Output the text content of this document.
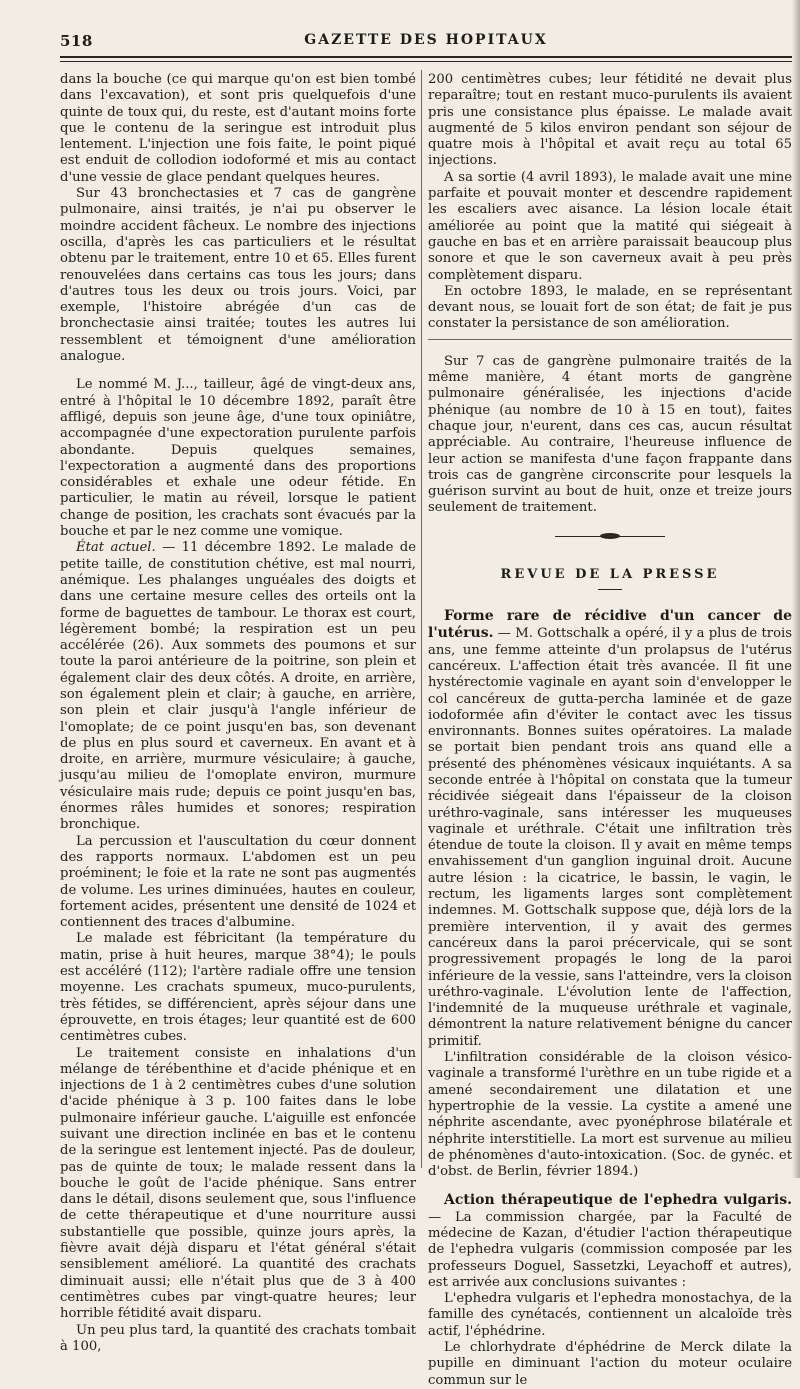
518	GAZETTE DES HOPITAUX

dans la bouche (ce qui marque qu'on est bien tombé dans l'excavation), et sont pris quelquefois d'une quinte de toux qui, du reste, est d'autant moins forte que le contenu de la seringue est introduit plus lentement. L'injection une fois faite, le point piqué est enduit de collodion iodoformé et mis au contact d'une vessie de glace pendant quelques heures.

Sur 43 bronchectasies et 7 cas de gangrène pulmonaire, ainsi traités, je n'ai pu observer le moindre accident fâcheux. Le nombre des injections oscilla, d'après les cas particuliers et le résultat obtenu par le traitement, entre 10 et 65. Elles furent renouvelées dans certains cas tous les jours; dans d'autres tous les deux ou trois jours. Voici, par exemple, l'histoire abrégée d'un cas de bronchectasie ainsi traitée; toutes les autres lui ressemblent et témoignent d'une amélioration analogue.

Le nommé M. J..., tailleur, âgé de vingt-deux ans, entré à l'hôpital le 10 décembre 1892, paraît être affligé, depuis son jeune âge, d'une toux opiniâtre, accompagnée d'une expectoration purulente parfois abondante. Depuis quelques semaines, l'expectoration a augmenté dans des proportions considérables et exhale une odeur fétide. En particulier, le matin au réveil, lorsque le patient change de position, les crachats sont évacués par la bouche et par le nez comme une vomique.

État actuel. — 11 décembre 1892. Le malade de petite taille, de constitution chétive, est mal nourri, anémique. Les phalanges unguéales des doigts et dans une certaine mesure celles des orteils ont la forme de baguettes de tambour. Le thorax est court, légèrement bombé; la respiration est un peu accélérée (26). Aux sommets des poumons et sur toute la paroi antérieure de la poitrine, son plein et également clair des deux côtés. A droite, en arrière, son également plein et clair; à gauche, en arrière, son plein et clair jusqu'à l'angle inférieur de l'omoplate; de ce point jusqu'en bas, son devenant de plus en plus sourd et caverneux. En avant et à droite, en arrière, murmure vésiculaire; à gauche, jusqu'au milieu de l'omoplate environ, murmure vésiculaire mais rude; depuis ce point jusqu'en bas, énormes râles humides et sonores; respiration bronchique.

La percussion et l'auscultation du cœur donnent des rapports normaux. L'abdomen est un peu proéminent; le foie et la rate ne sont pas augmentés de volume. Les urines diminuées, hautes en couleur, fortement acides, présentent une densité de 1024 et contiennent des traces d'albumine.

Le malade est fébricitant (la température du matin, prise à huit heures, marque 38°4); le pouls est accéléré (112); l'artère radiale offre une tension moyenne. Les crachats spumeux, muco-purulents, très fétides, se différencient, après séjour dans une éprouvette, en trois étages; leur quantité est de 600 centimètres cubes.

Le traitement consiste en inhalations d'un mélange de térébenthine et d'acide phénique et en injections de 1 à 2 centimètres cubes d'une solution d'acide phénique à 3 p. 100 faites dans le lobe pulmonaire inférieur gauche. L'aiguille est enfoncée suivant une direction inclinée en bas et le contenu de la seringue est lentement injecté. Pas de douleur, pas de quinte de toux; le malade ressent dans la bouche le goût de l'acide phénique. Sans entrer dans le détail, disons seulement que, sous l'influence de cette thérapeutique et d'une nourriture aussi substantielle que possible, quinze jours après, la fièvre avait déjà disparu et l'état général s'était sensiblement amélioré. La quantité des crachats diminuait aussi; elle n'était plus que de 3 à 400 centimètres cubes par vingt-quatre heures; leur horrible fétidité avait disparu.

Un peu plus tard, la quantité des crachats tombait à 100,

200 centimètres cubes; leur fétidité ne devait plus reparaître; tout en restant muco-purulents ils avaient pris une consistance plus épaisse. Le malade avait augmenté de 5 kilos environ pendant son séjour de quatre mois à l'hôpital et avait reçu au total 65 injections.

A sa sortie (4 avril 1893), le malade avait une mine parfaite et pouvait monter et descendre rapidement les escaliers avec aisance. La lésion locale était améliorée au point que la matité qui siégeait à gauche en bas et en arrière paraissait beaucoup plus sonore et que le son caverneux avait à peu près complètement disparu.

En octobre 1893, le malade, en se représentant devant nous, se louait fort de son état; de fait je pus constater la persistance de son amélioration.

Sur 7 cas de gangrène pulmonaire traités de la même manière, 4 étant morts de gangrène pulmonaire généralisée, les injections d'acide phénique (au nombre de 10 à 15 en tout), faites chaque jour, n'eurent, dans ces cas, aucun résultat appréciable. Au contraire, l'heureuse influence de leur action se manifesta d'une façon frappante dans trois cas de gangrène circonscrite pour lesquels la guérison survint au bout de huit, onze et treize jours seulement de traitement.

REVUE DE LA PRESSE

Forme rare de récidive d'un cancer de l'utérus. — M. Gottschalk a opéré, il y a plus de trois ans, une femme atteinte d'un prolapsus de l'utérus cancéreux. L'affection était très avancée. Il fit une hystérectomie vaginale en ayant soin d'envelopper le col cancéreux de gutta-percha laminée et de gaze iodoformée afin d'éviter le contact avec les tissus environnants. Bonnes suites opératoires. La malade se portait bien pendant trois ans quand elle a présenté des phénomènes vésicaux inquiétants. A sa seconde entrée à l'hôpital on constata que la tumeur récidivée siégeait dans l'épaisseur de la cloison uréthro-vaginale, sans intéresser les muqueuses vaginale et uréthrale. C'était une infiltration très étendue de toute la cloison. Il y avait en même temps envahissement d'un ganglion inguinal droit. Aucune autre lésion : la cicatrice, le bassin, le vagin, le rectum, les ligaments larges sont complètement indemnes. M. Gottschalk suppose que, déjà lors de la première intervention, il y avait des germes cancéreux dans la paroi précervicale, qui se sont progressivement propagés le long de la paroi inférieure de la vessie, sans l'atteindre, vers la cloison uréthro-vaginale. L'évolution lente de l'affection, l'indemnité de la muqueuse uréthrale et vaginale, démontrent la nature relativement bénigne du cancer primitif.

L'infiltration considérable de la cloison vésico-vaginale a transformé l'urèthre en un tube rigide et a amené secondairement une dilatation et une hypertrophie de la vessie. La cystite a amené une néphrite ascendante, avec pyonéphrose bilatérale et néphrite interstitielle. La mort est survenue au milieu de phénomènes d'auto-intoxication. (Soc. de gynéc. et d'obst. de Berlin, février 1894.)

Action thérapeutique de l'ephedra vulgaris. — La commission chargée, par la Faculté de médecine de Kazan, d'étudier l'action thérapeutique de l'ephedra vulgaris (commission composée par les professeurs Doguel, Sassetzki, Leyachoff et autres), est arrivée aux conclusions suivantes :

L'ephedra vulgaris et l'ephedra monostachya, de la famille des cynétacés, contiennent un alcaloïde très actif, l'éphédrine.

Le chlorhydrate d'éphédrine de Merck dilate la pupille en diminuant l'action du moteur oculaire commun sur le
